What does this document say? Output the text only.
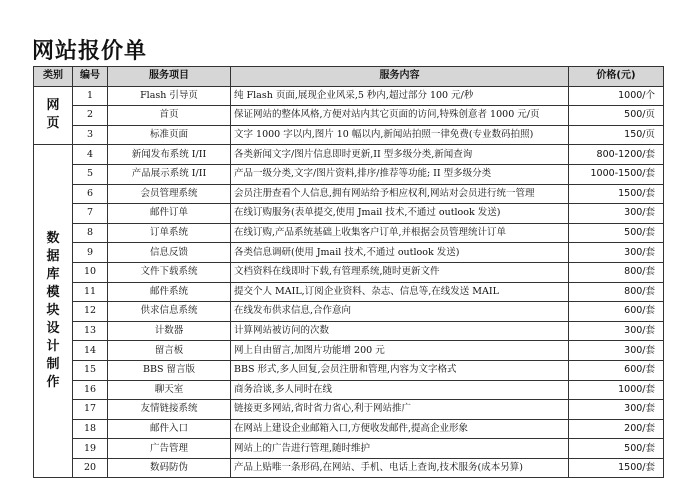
网站报价单
类别	编号	服务项目	服务内容	价格(元)

网页	1	Flash 引导页	纯 Flash 页面,展现企业风采,5 秒内,超过部分 100 元/秒	1000/个
	2	首页	保证网站的整体风格,方便对站内其它页面的访问,特殊创意者 1000 元/页	500/页
	3	标准页面	文字 1000 字以内,图片 10 幅以内,新闻站拍照一律免费(专业数码拍照)	150/页

数据库模块设计制作	4	新闻发布系统 I/II	各类新闻文字/图片信息即时更新,II 型多级分类,新闻查询	800-1200/套
	5	产品展示系统 I/II	产品一级分类,文字/图片资料,排序/推荐等功能; II 型多级分类	1000-1500/套
	6	会员管理系统	会员注册查看个人信息,拥有网站给予相应权利,网站对会员进行统一管理	1500/套
	7	邮件订单	在线订购服务(表单提交,使用 Jmail 技术,不通过 outlook 发送)	300/套
	8	订单系统	在线订购,产品系统基础上收集客户订单,并根据会员管理统计订单	500/套
	9	信息反馈	各类信息调研(使用 Jmail 技术,不通过 outlook 发送)	300/套
	10	文件下载系统	文档资料在线即时下载,有管理系统,随时更新文件	800/套
	11	邮件系统	提交个人 MAIL,订阅企业资料、杂志、信息等,在线发送 MAIL	800/套
	12	供求信息系统	在线发布供求信息,合作意向	600/套
	13	计数器	计算网站被访问的次数	300/套
	14	留言板	网上自由留言,加图片功能增 200 元	300/套
	15	BBS 留言版	BBS 形式,多人回复,会员注册和管理,内容为文字格式	600/套
	16	聊天室	商务洽谈,多人同时在线	1000/套
	17	友情链接系统	链接更多网站,省时省力省心,利于网站推广	300/套
	18	邮件入口	在网站上建设企业邮箱入口,方便收发邮件,提高企业形象	200/套
	19	广告管理	网站上的广告进行管理,随时维护	500/套
	20	数码防伪	产品上贴唯一条形码,在网站、手机、电话上查询,技术服务(成本另算)	1500/套
